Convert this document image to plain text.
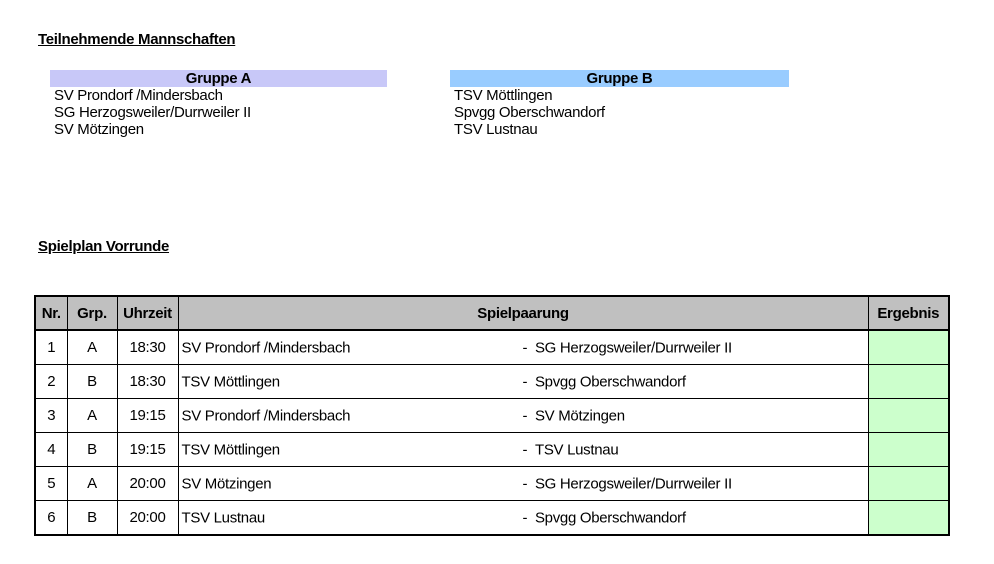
Teilnehmende Mannschaften
Gruppe A
SV Prondorf /Mindersbach
SG Herzogsweiler/Durrweiler II
SV Mötzingen
Gruppe B
TSV Möttlingen
Spvgg Oberschwandorf
TSV Lustnau
Spielplan Vorrunde
Nr.	Grp.	Uhrzeit	Spielpaarung	Ergebnis
1	A	18:30	SV Prondorf /Mindersbach - SG Herzogsweiler/Durrweiler II	

2	B	18:30	TSV Möttlingen - Spvgg Oberschwandorf	

3	A	19:15	SV Prondorf /Mindersbach - SV Mötzingen	

4	B	19:15	TSV Möttlingen - TSV Lustnau	

5	A	20:00	SV Mötzingen - SG Herzogsweiler/Durrweiler II	

6	B	20:00	TSV Lustnau - Spvgg Oberschwandorf	
